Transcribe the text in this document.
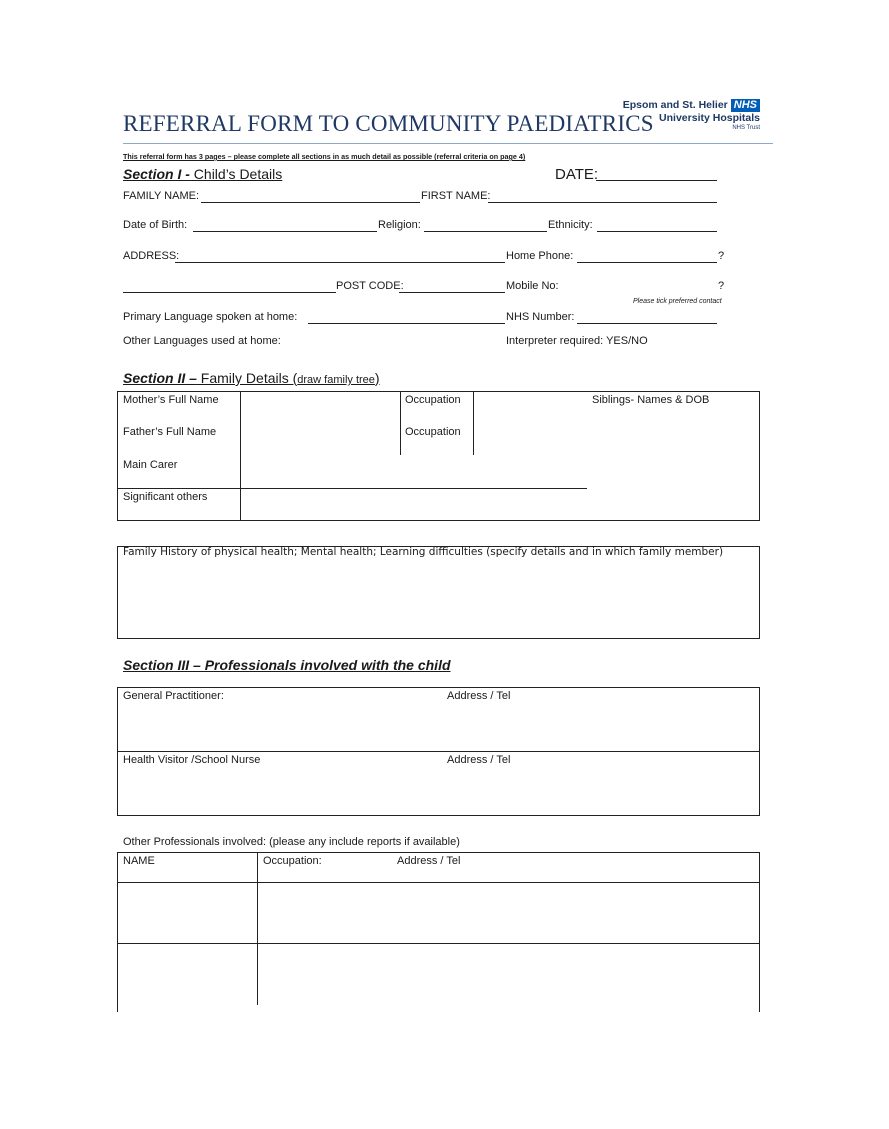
REFERRAL FORM TO COMMUNITY PAEDIATRICS
Epsom and St. Helier NHS
University Hospitals
NHS Trust
This referral form has 3 pages – please complete all sections in as much detail as possible (referral criteria on page 4)
Section I - Child’s Details	DATE:
FAMILY NAME:	FIRST NAME:
Date of Birth:	Religion:	Ethnicity:
ADDRESS:	Home Phone:	?
POST CODE:	Mobile No:	?
Please tick preferred contact
Primary Language spoken at home:	NHS Number:
Other Languages used at home:	Interpreter required: YES/NO
Section II – Family Details (draw family tree)
Mother’s Full Name	Occupation	Siblings- Names & DOB
Father’s Full Name	Occupation
Main Carer
Significant others
Family History of physical health; Mental health; Learning difficulties (specify details and in which family member)
Section III – Professionals involved with the child
General Practitioner:	Address / Tel
Health Visitor /School Nurse	Address / Tel
Other Professionals involved: (please any include reports if available)
NAME	Occupation:	Address / Tel
